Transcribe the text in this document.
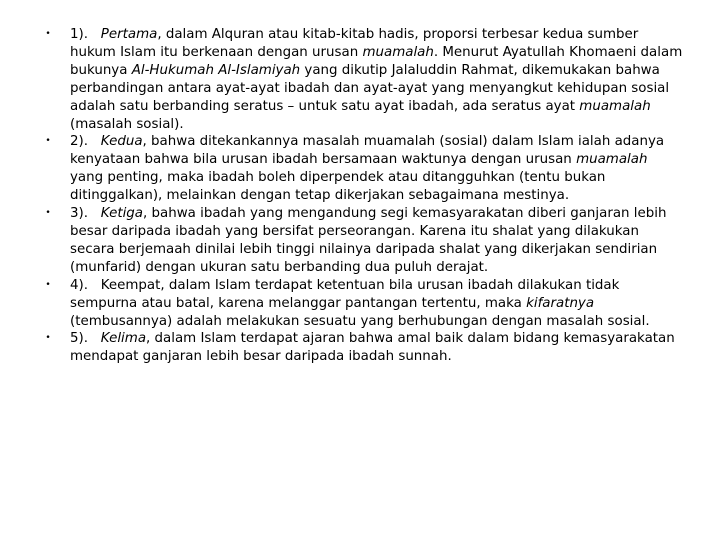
• 1). Pertama, dalam Alquran atau kitab-kitab hadis, proporsi terbesar kedua sumber hukum Islam itu berkenaan dengan urusan muamalah. Menurut Ayatullah Khomaeni dalam bukunya Al-Hukumah Al-Islamiyah yang dikutip Jalaluddin Rahmat, dikemukakan bahwa perbandingan antara ayat-ayat ibadah dan ayat-ayat yang menyangkut kehidupan sosial adalah satu berbanding seratus – untuk satu ayat ibadah, ada seratus ayat muamalah (masalah sosial).
• 2). Kedua, bahwa ditekankannya masalah muamalah (sosial) dalam Islam ialah adanya kenyataan bahwa bila urusan ibadah bersamaan waktunya dengan urusan muamalah yang penting, maka ibadah boleh diperpendek atau ditangguhkan (tentu bukan ditinggalkan), melainkan dengan tetap dikerjakan sebagaimana mestinya.
• 3). Ketiga, bahwa ibadah yang mengandung segi kemasyarakatan diberi ganjaran lebih besar daripada ibadah yang bersifat perseorangan. Karena itu shalat yang dilakukan secara berjemaah dinilai lebih tinggi nilainya daripada shalat yang dikerjakan sendirian (munfarid) dengan ukuran satu berbanding dua puluh derajat.
• 4). Keempat, dalam Islam terdapat ketentuan bila urusan ibadah dilakukan tidak sempurna atau batal, karena melanggar pantangan tertentu, maka kifaratnya (tembusannya) adalah melakukan sesuatu yang berhubungan dengan masalah sosial.
• 5). Kelima, dalam Islam terdapat ajaran bahwa amal baik dalam bidang kemasyarakatan mendapat ganjaran lebih besar daripada ibadah sunnah.
